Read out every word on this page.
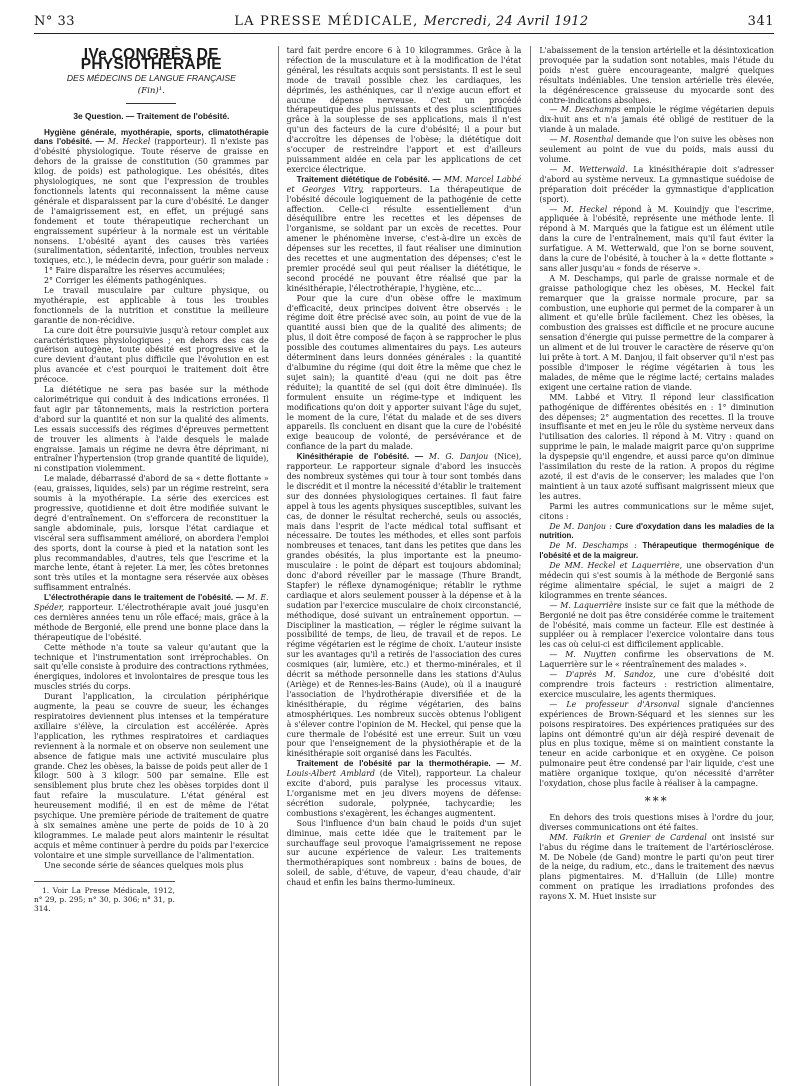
N° 33	LA PRESSE MÉDICALE, Mercredi, 24 Avril 1912	341
IVe CONGRÈS DE PHYSIOTHÉRAPIE
DES MÉDECINS DE LANGUE FRANÇAISE
(Fin)¹.
3e Question. — Traitement de l'obésité.

Hygiène générale, myothérapie, sports, climatothérapie dans l'obésité. — M. Heckel (rapporteur). Il n'existe pas d'obésité physiologique. Toute réserve de graisse en dehors de la graisse de constitution (50 grammes par kilog. de poids) est pathologique. Les obésités, dites physiologiques, ne sont que l'expression de troubles fonctionnels latents qui reconnaissent la même cause générale et disparaissent par la cure d'obésité. Le danger de l'amaigrissement est, en effet, un préjugé sans fondement et toute thérapeutique recherchant un engraissement supérieur à la normale est un véritable nonsens. L'obésité ayant des causes très variées (suralimentation, sédentarité, infection, troubles nerveux toxiques, etc.), le médecin devra, pour guérir son malade :

1° Faire disparaître les réserves accumulées;

2° Corriger les éléments pathogéniques.

Le travail musculaire par culture physique, ou myothérapie, est applicable à tous les troubles fonctionnels de la nutrition et constitue la meilleure garantie de non-récidive.

La cure doit être poursuivie jusqu'à retour complet aux caractéristiques physiologiques ; en dehors des cas de guérison autogène, toute obésité est progressive et la cure devient d'autant plus difficile que l'évolution en est plus avancée et c'est pourquoi le traitement doit être précoce.

La diététique ne sera pas basée sur la méthode calorimétrique qui conduit à des indications erronées. Il faut agir par tâtonnements, mais la restriction portera d'abord sur la quantité et non sur la qualité des aliments. Les essais successifs des régimes d'épreuves permettent de trouver les aliments à l'aide desquels le malade engraisse. Jamais un régime ne devra être déprimant, ni entraîner l'hypertension (trop grande quantité de liquide), ni constipation violemment.

Le malade, débarrassé d'abord de sa « dette flottante » (eau, graisses, liquides, sels) par un régime restreint, sera soumis à la myothérapie. La série des exercices est progressive, quotidienne et doit être modifiée suivant le degré d'entraînement. On s'efforcera de reconstituer la sangle abdominale, puis, lorsque l'état cardiaque et viscéral sera suffisamment amélioré, on abordera l'emploi des sports, dont la course à pied et la natation sont les plus recommandables, d'autres, tels que l'escrime et la marche lente, étant à rejeter. La mer, les côtes bretonnes sont très utiles et la montagne sera réservée aux obèses suffisamment entraînés.

L'électrothérapie dans le traitement de l'obésité. — M. E. Spéder, rapporteur. L'électrothérapie avait joué jusqu'en ces dernières années tenu un rôle effacé; mais, grâce à la méthode de Bergonié, elle prend une bonne place dans la thérapeutique de l'obésité.

Cette méthode n'a toute sa valeur qu'autant que la technique et l'instrumentation sont irréprochables. On sait qu'elle consiste à produire des contractions rythmées, énergiques, indolores et involontaires de presque tous les muscles striés du corps.

Durant l'application, la circulation périphérique augmente, la peau se couvre de sueur, les échanges respiratoires deviennent plus intenses et la température axillaire s'élève, la circulation est accélérée. Après l'application, les rythmes respiratoires et cardiaques reviennent à la normale et on observe non seulement une absence de fatigue mais une activité musculaire plus grande. Chez les obèses, la baisse de poids peut aller de 1 kilogr. 500 à 3 kilogr. 500 par semaine. Elle est sensiblement plus brute chez les obèses torpides dont il faut refaire la musculature. L'état général est heureusement modifié, il en est de même de l'état psychique. Une première période de traitement de quatre à six semaines amène une perte de poids de 10 à 20 kilogrammes. Le malade peut alors maintenir le résultat acquis et même continuer à perdre du poids par l'exercice volontaire et une simple surveillance de l'alimentation.

Une seconde série de séances quelques mois plus

1. Voir La Presse Médicale, 1912, n° 29, p. 295; n° 30, p. 306; n° 31, p. 314.

tard fait perdre encore 6 à 10 kilogrammes. Grâce à la réfection de la musculature et à la modification de l'état général, les résultats acquis sont persistants. Il est le seul mode de travail possible chez les cardiaques, les déprimés, les asthéniques, car il n'exige aucun effort et aucune dépense nerveuse. C'est un procédé thérapeutique des plus puissants et des plus scientifiques grâce à la souplesse de ses applications, mais il n'est qu'un des facteurs de la cure d'obésité; il a pour but d'accroître les dépenses de l'obèse; la diététique doit s'occuper de restreindre l'apport et est d'ailleurs puissamment aidée en cela par les applications de cet exercice électrique.

Traitement diététique de l'obésité. — MM. Marcel Labbé et Georges Vitry, rapporteurs. La thérapeutique de l'obésité découle logiquement de la pathogénie de cette affection. Celle-ci résulte essentiellement d'un déséquilibre entre les recettes et les dépenses de l'organisme, se soldant par un excès de recettes. Pour amener le phénomène inverse, c'est-à-dire un excès de dépenses sur les recettes, il faut réaliser une diminution des recettes et une augmentation des dépenses; c'est le premier procédé seul qui peut réaliser la diététique, le second procédé ne pouvant être réalisé que par la kinésithérapie, l'électrothérapie, l'hygiène, etc...

Pour que la cure d'un obèse offre le maximum d'efficacité, deux principes doivent être observés : le régime doit être précisé avec soin, au point de vue de la quantité aussi bien que de la qualité des aliments; de plus, il doit être composé de façon à se rapprocher le plus possible des coutumes alimentaires du pays. Les auteurs déterminent dans leurs données générales : la quantité d'albumine du régime (qui doit être la même que chez le sujet sain); la quantité d'eau (qui ne doit pas être réduite); la quantité de sel (qui doit être diminuée). Ils formulent ensuite un régime-type et indiquent les modifications qu'on doit y apporter suivant l'âge du sujet, le moment de la cure, l'état du malade et de ses divers appareils. Ils concluent en disant que la cure de l'obésité exige beaucoup de volonté, de persévérance et de confiance de la part du malade.

Kinésithérapie de l'obésité. — M. G. Danjou (Nice), rapporteur. Le rapporteur signale d'abord les insuccès des nombreux systèmes qui tour à tour sont tombés dans le discrédit et il montre la nécessité d'établir le traitement sur des données physiologiques certaines. Il faut faire appel à tous les agents physiques susceptibles, suivant les cas, de donner le résultat recherché, seuls ou associés, mais dans l'esprit de l'acte médical total suffisant et nécessaire. De toutes les méthodes, et elles sont parfois nombreuses et tenaces, tant dans les petites que dans les grandes obésités, la plus importante est la pneumo-musculaire : le point de départ est toujours abdominal; donc d'abord réveiller par le massage (Thure Brandt, Stapfer) le réflexe dynamogénique; rétablir le rythme cardiaque et alors seulement pousser à la dépense et à la sudation par l'exercice musculaire de choix circonstancié, méthodique, dosé suivant un entraînement opportun. — Discipliner la mastication, — régler le régime suivant la possibilité de temps, de lieu, de travail et de repos. Le régime végétarien est le régime de choix. L'auteur insiste sur les avantages qu'il a retirés de l'association des cures cosmiques (air, lumière, etc.) et thermo-minérales, et il décrit sa méthode personnelle dans les stations d'Aulus (Ariège) et de Rennes-les-Bains (Aude), où il a inauguré l'association de l'hydrothérapie diversifiée et de la kinésithérapie, du régime végétarien, des bains atmosphériques. Les nombreux succès obtenus l'obligent à s'élever contre l'opinion de M. Heckel, qui pense que la cure thermale de l'obésité est une erreur. Suit un vœu pour que l'enseignement de la physiothérapie et de la kinésithérapie soit organisé dans les Facultés.

Traitement de l'obésité par la thermothérapie. — M. Louis-Albert Amblard (de Vitel), rapporteur. La chaleur excite d'abord, puis paralyse les processus vitaux. L'organisme met en jeu divers moyens de défense: sécrétion sudorale, polypnée, tachycardie; les combustions s'exagèrent, les échanges augmentent.

Sous l'influence d'un bain chaud le poids d'un sujet diminue, mais cette idée que le traitement par le surchauffage seul provoque l'amaigrissement ne repose sur aucune expérience de valeur. Les traitements thermothérapiques sont nombreux : bains de boues, de soleil, de sable, d'étuve, de vapeur, d'eau chaude, d'air chaud et enfin les bains thermo-lumineux.

L'abaissement de la tension artérielle et la désintoxication provoquée par la sudation sont notables, mais l'étude du poids n'est guère encourageante, malgré quelques résultats indéniables. Une tension artérielle très élevée, la dégénérescence graisseuse du myocarde sont des contre-indications absolues.

— M. Deschamps emploie le régime végétarien depuis dix-huit ans et n'a jamais été obligé de restituer de la viande à un malade.

— M. Rosenthal demande que l'on suive les obèses non seulement au point de vue du poids, mais aussi du volume.

— M. Wetterwald. La kinésithérapie doit s'adresser d'abord au système nerveux. La gymnastique suédoise de préparation doit précéder la gymnastique d'application (sport).

— M. Heckel répond à M. Kouindjy que l'escrime, appliquée à l'obésité, représente une méthode lente. Il répond à M. Marqués que la fatigue est un élément utile dans la cure de l'entraînement, mais qu'il faut éviter la surfatigue. A M. Wetterwald, que l'on se borne souvent, dans la cure de l'obésité, à toucher à la « dette flottante » sans aller jusqu'au « fonds de réserve ».

A M. Deschamps, qui parle de graisse normale et de graisse pathologique chez les obèses, M. Heckel fait remarquer que la graisse normale procure, par sa combustion, une euphorie qui permet de la comparer à un aliment et qu'elle brûle facilement. Chez les obèses, la combustion des graisses est difficile et ne procure aucune sensation d'énergie qui puisse permettre de la comparer à un aliment et de lui trouver le caractère de réserve qu'on lui prête à tort. A M. Danjou, il fait observer qu'il n'est pas possible d'imposer le régime végétarien à tous les malades, de même que le régime lacté; certains malades exigent une certaine ration de viande.

MM. Labbé et Vitry. Il répond leur classification pathogénique de différentes obésités en : 1° diminution des dépenses; 2° augmentation des recettes. Il la trouve insuffisante et met en jeu le rôle du système nerveux dans l'utilisation des calories. Il répond à M. Vitry : quand on supprime le pain, le malade maigrit parce qu'on supprime la dyspepsie qu'il engendre, et aussi parce qu'on diminue l'assimilation du reste de la ration. A propos du régime azoté, il est d'avis de le conserver; les malades que l'on maintient à un taux azoté suffisant maigrissent mieux que les autres.

Parmi les autres communications sur le même sujet, citons :

De M. Danjou : Cure d'oxydation dans les maladies de la nutrition.

De M. Deschamps : Thérapeutique thermogénique de l'obésité et de la maigreur.

De MM. Heckel et Laquerrière, une observation d'un médecin qui s'est soumis à la méthode de Bergonié sans régime alimentaire spécial, le sujet a maigri de 2 kilogrammes en trente séances.

— M. Laquerrière insiste sur ce fait que la méthode de Bergonié ne doit pas être considérée comme le traitement de l'obésité, mais comme un facteur. Elle est destinée à suppléer ou à remplacer l'exercice volontaire dans tous les cas où celui-ci est difficilement applicable.

— M. Nuytten confirme les observations de M. Laquerrière sur le « réentraînement des malades ».

— D'après M. Sandoz, une cure d'obésité doit comprendre trois facteurs : restriction alimentaire, exercice musculaire, les agents thermiques.

— Le professeur d'Arsonval signale d'anciennes expériences de Brown-Séquard et les siennes sur les poisons respiratoires. Des expériences pratiquées sur des lapins ont démontré qu'un air déjà respiré devenait de plus en plus toxique, même si on maintient constante la teneur en acide carbonique et en oxygène. Ce poison pulmonaire peut être condensé par l'air liquide, c'est une matière organique toxique, qu'on nécessité d'arrêter l'oxydation, chose plus facile à réaliser à la campagne.

***

En dehors des trois questions mises à l'ordre du jour, diverses communications ont été faites.

MM. Faikrin et Grenier de Cardenal ont insisté sur l'abus du régime dans le traitement de l'artériosclérose. M. De Nobele (de Gand) montre le parti qu'on peut tirer de la neige, du radium, etc., dans le traitement des nævus plans pigmentaires. M. d'Halluin (de Lille) montre comment on pratique les irradiations profondes des rayons X. M. Huet insiste sur
